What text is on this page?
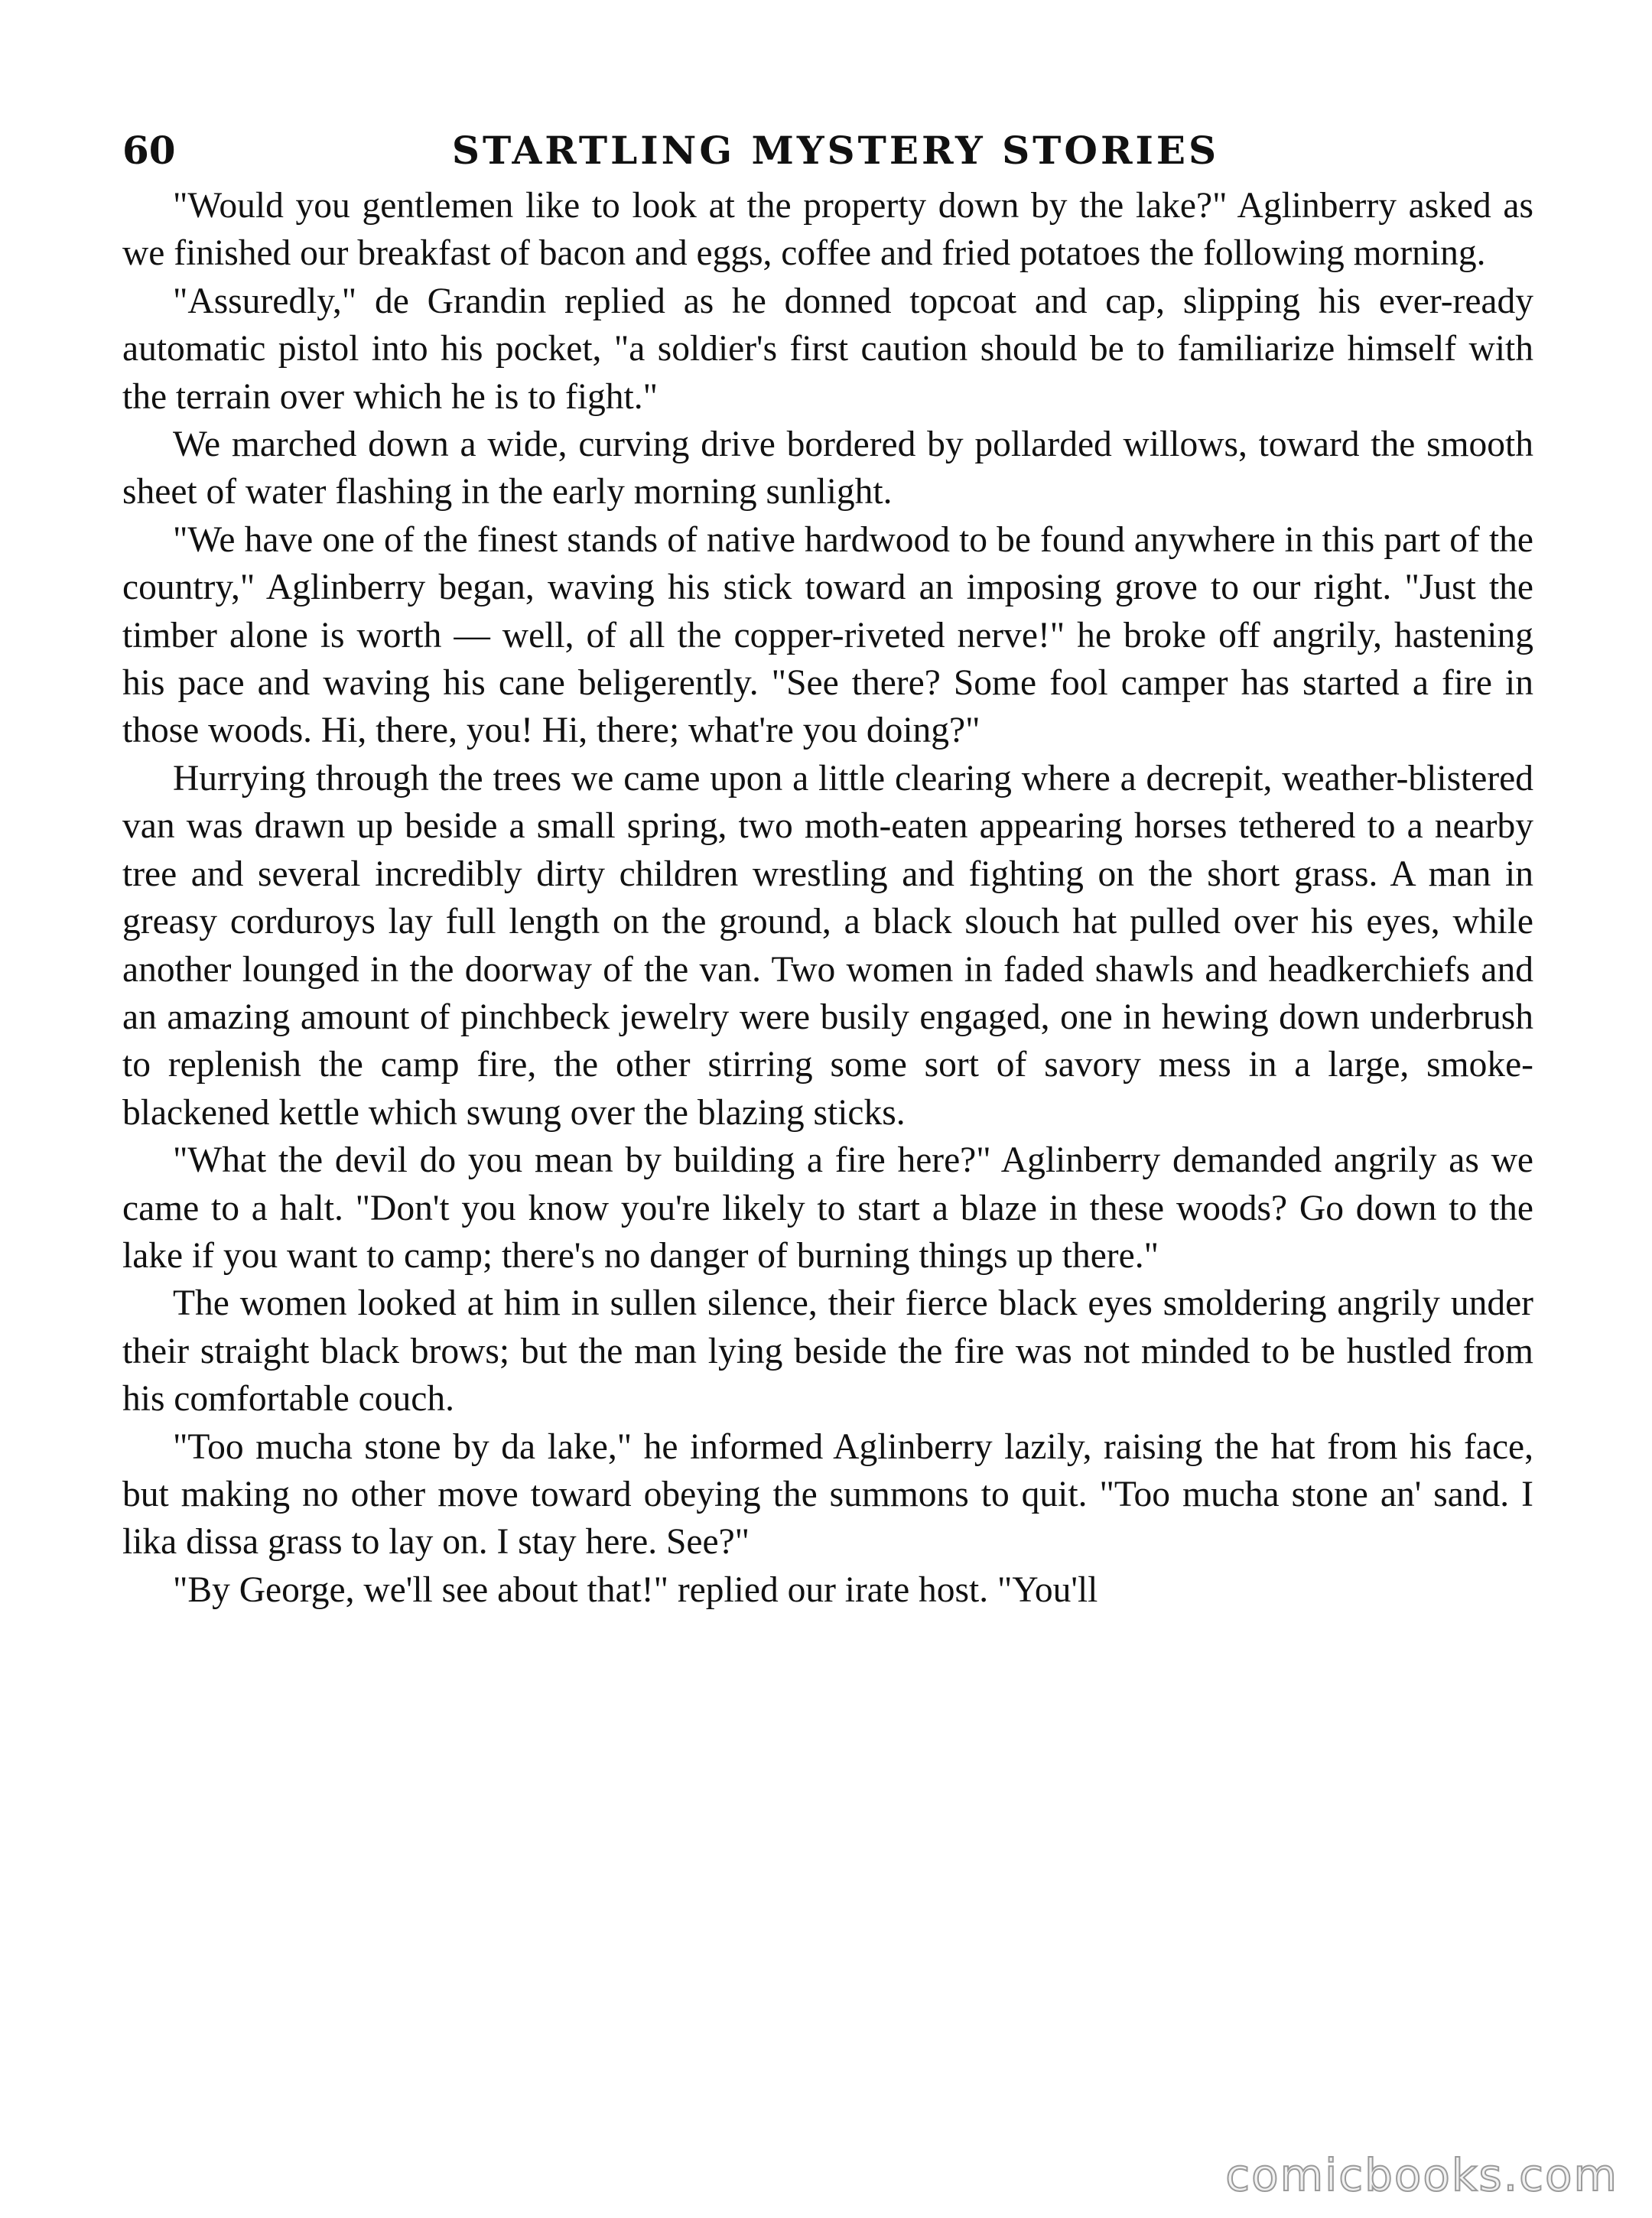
60	STARTLING MYSTERY STORIES

"Would you gentlemen like to look at the property down by the lake?" Aglinberry asked as we finished our breakfast of bacon and eggs, coffee and fried potatoes the following morning.

"Assuredly," de Grandin replied as he donned topcoat and cap, slipping his ever-ready automatic pistol into his pocket, "a soldier's first caution should be to familiarize himself with the terrain over which he is to fight."

We marched down a wide, curving drive bordered by pollarded willows, toward the smooth sheet of water flashing in the early morning sunlight.

"We have one of the finest stands of native hardwood to be found anywhere in this part of the country," Aglinberry began, waving his stick toward an imposing grove to our right. "Just the timber alone is worth — well, of all the copper-riveted nerve!" he broke off angrily, hastening his pace and waving his cane beligerently. "See there? Some fool camper has started a fire in those woods. Hi, there, you! Hi, there; what're you doing?"

Hurrying through the trees we came upon a little clearing where a decrepit, weather-blistered van was drawn up beside a small spring, two moth-eaten appearing horses tethered to a nearby tree and several incredibly dirty children wrestling and fighting on the short grass. A man in greasy corduroys lay full length on the ground, a black slouch hat pulled over his eyes, while another lounged in the doorway of the van. Two women in faded shawls and headkerchiefs and an amazing amount of pinchbeck jewelry were busily engaged, one in hewing down underbrush to replenish the camp fire, the other stirring some sort of savory mess in a large, smoke-blackened kettle which swung over the blazing sticks.

"What the devil do you mean by building a fire here?" Aglinberry demanded angrily as we came to a halt. "Don't you know you're likely to start a blaze in these woods? Go down to the lake if you want to camp; there's no danger of burning things up there."

The women looked at him in sullen silence, their fierce black eyes smoldering angrily under their straight black brows; but the man lying beside the fire was not minded to be hustled from his comfortable couch.

"Too mucha stone by da lake," he informed Aglinberry lazily, raising the hat from his face, but making no other move toward obeying the summons to quit. "Too mucha stone an' sand. I lika dissa grass to lay on. I stay here. See?"

"By George, we'll see about that!" replied our irate host. "You'll

comicbooks.com
